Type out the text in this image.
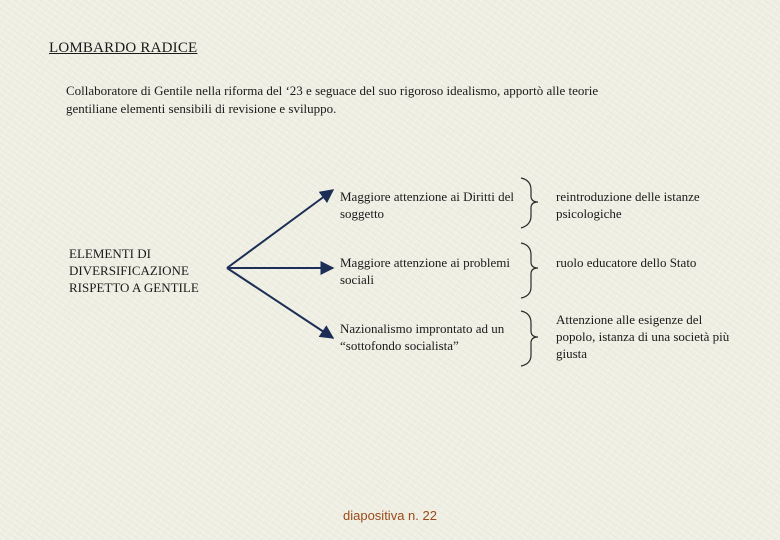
LOMBARDO RADICE
Collaboratore di Gentile nella riforma del ‘23 e seguace del suo rigoroso idealismo, apportò alle teorie gentiliane elementi sensibili di revisione e sviluppo.
ELEMENTI DI DIVERSIFICAZIONE RISPETTO A GENTILE
Maggiore attenzione ai Diritti del soggetto
Maggiore attenzione ai problemi sociali
Nazionalismo improntato ad un “sottofondo socialista”
reintroduzione delle istanze psicologiche
ruolo educatore dello Stato
Attenzione alle esigenze del popolo, istanza di una società più giusta
diapositiva n. 22
